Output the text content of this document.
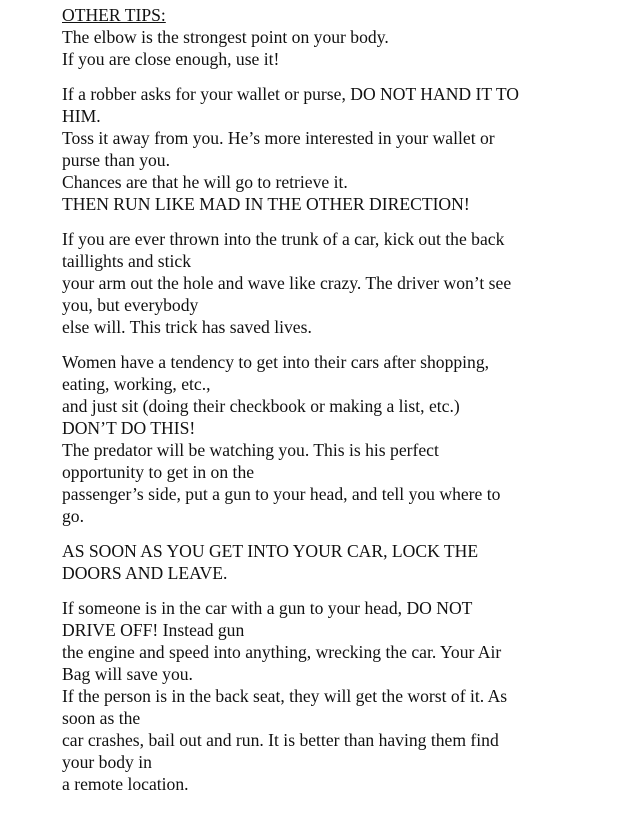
OTHER TIPS:

The elbow is the strongest point on your body.
If you are close enough, use it!

If a robber asks for your wallet or purse, DO NOT HAND IT TO
HIM.
Toss it away from you. He’s more interested in your wallet or
purse than you.
Chances are that he will go to retrieve it.
THEN RUN LIKE MAD IN THE OTHER DIRECTION!

If you are ever thrown into the trunk of a car, kick out the back
taillights and stick
your arm out the hole and wave like crazy. The driver won’t see
you, but everybody
else will. This trick has saved lives.

Women have a tendency to get into their cars after shopping,
eating, working, etc.,
and just sit (doing their checkbook or making a list, etc.)
DON’T DO THIS!
The predator will be watching you. This is his perfect
opportunity to get in on the
passenger’s side, put a gun to your head, and tell you where to
go.

AS SOON AS YOU GET INTO YOUR CAR, LOCK THE
DOORS AND LEAVE.

If someone is in the car with a gun to your head, DO NOT
DRIVE OFF! Instead gun
the engine and speed into anything, wrecking the car. Your Air
Bag will save you.
If the person is in the back seat, they will get the worst of it. As
soon as the
car crashes, bail out and run. It is better than having them find
your body in
a remote location.
